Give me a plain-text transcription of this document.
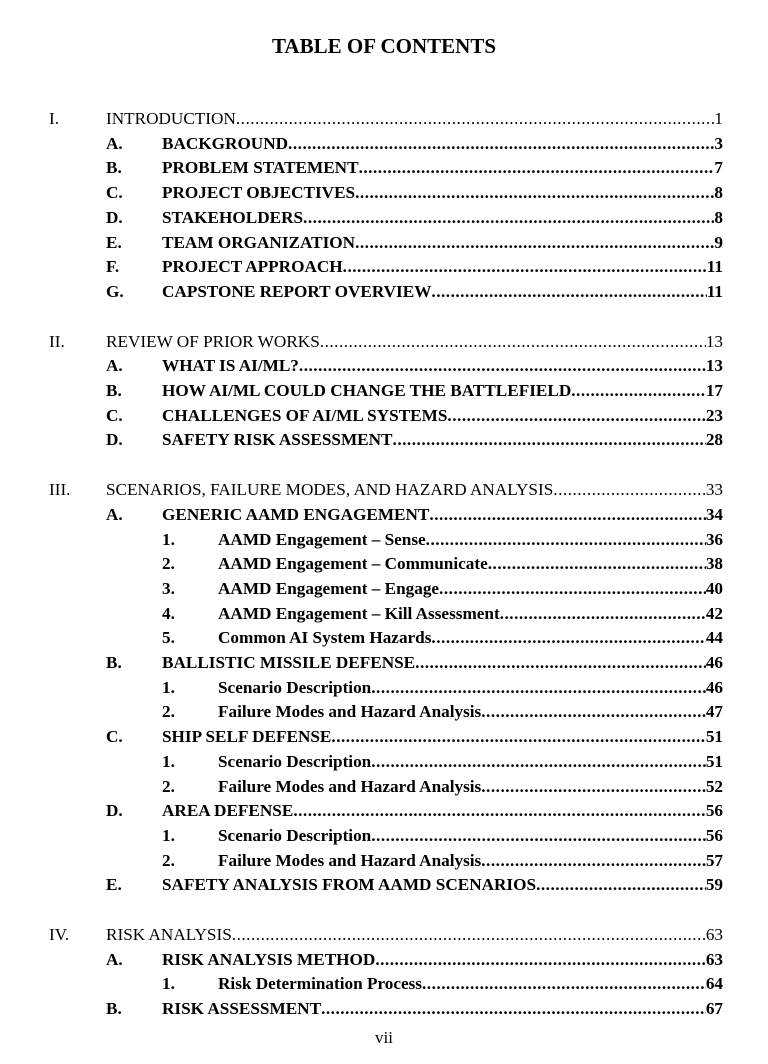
TABLE OF CONTENTS
I.	INTRODUCTION .....	1
A. BACKGROUND .....	3
B. PROBLEM STATEMENT .....	7
C. PROJECT OBJECTIVES .....	8
D. STAKEHOLDERS .....	8
E. TEAM ORGANIZATION .....	9
F. PROJECT APPROACH .....	11
G. CAPSTONE REPORT OVERVIEW .....	11
II. REVIEW OF PRIOR WORKS .....	13
A. WHAT IS AI/ML? .....	13
B. HOW AI/ML COULD CHANGE THE BATTLEFIELD .....	17
C. CHALLENGES OF AI/ML SYSTEMS .....	23
D. SAFETY RISK ASSESSMENT .....	28
III. SCENARIOS, FAILURE MODES, AND HAZARD ANALYSIS .....	33
A. GENERIC AAMD ENGAGEMENT .....	34
1.	AAMD Engagement – Sense .....	36
2.	AAMD Engagement – Communicate .....	38
3.	AAMD Engagement – Engage .....	40
4.	AAMD Engagement – Kill Assessment .....	42
5.	Common AI System Hazards .....	44
B. BALLISTIC MISSILE DEFENSE .....	46
1.	Scenario Description .....	46
2.	Failure Modes and Hazard Analysis .....	47
C. SHIP SELF DEFENSE .....	51
1.	Scenario Description .....	51
2.	Failure Modes and Hazard Analysis .....	52
D. AREA DEFENSE .....	56
1.	Scenario Description .....	56
2.	Failure Modes and Hazard Analysis .....	57
E. SAFETY ANALYSIS FROM AAMD SCENARIOS .....	59
IV. RISK ANALYSIS .....	63
A. RISK ANALYSIS METHOD .....	63
1.	Risk Determination Process .....	64
B. RISK ASSESSMENT .....	67
vii
